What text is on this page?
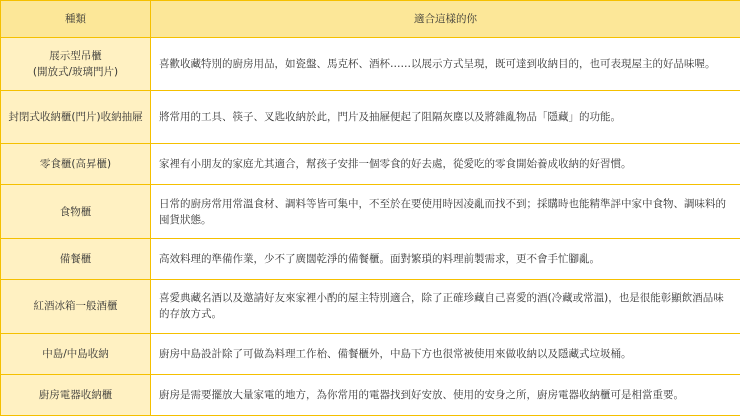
種類	適合這樣的你

展示型吊櫃
(開放式/玻璃門片)	喜歡收藏特別的廚房用品，如瓷盤、馬克杯、酒杯……以展示方式呈現，既可達到收納目的，也可表現屋主的好品味喔。

封閉式收納櫃(門片)收納抽屜	將常用的工具、筷子、叉匙收納於此，門片及抽屜便起了阻隔灰塵以及將雜亂物品「隱藏」的功能。

零食櫃(高昇櫃)	家裡有小朋友的家庭尤其適合，幫孩子安排一個零食的好去處，從愛吃的零食開始養成收納的好習慣。

食物櫃	日常的廚房常用常溫食材、調料等皆可集中，不至於在要使用時因凌亂而找不到；採購時也能精準評中家中食物、調味料的囤貨狀態。

備餐櫃	高效料理的準備作業，少不了廣闊乾淨的備餐櫃。面對繁瑣的料理前製需求，更不會手忙腳亂。

紅酒冰箱一般酒櫃	喜愛典藏名酒以及邀請好友來家裡小酌的屋主特別適合，除了正確珍藏自己喜愛的酒(冷藏或常溫)，也是很能彰顯飲酒品味的存放方式。

中島/中島收納	廚房中島設計除了可做為料理工作枱、備餐櫃外，中島下方也很常被使用來做收納以及隱藏式垃圾桶。

廚房電器收納櫃	廚房是需要擺放大量家電的地方，為你常用的電器找到好安放、使用的安身之所，廚房電器收納櫃可是相當重要。
